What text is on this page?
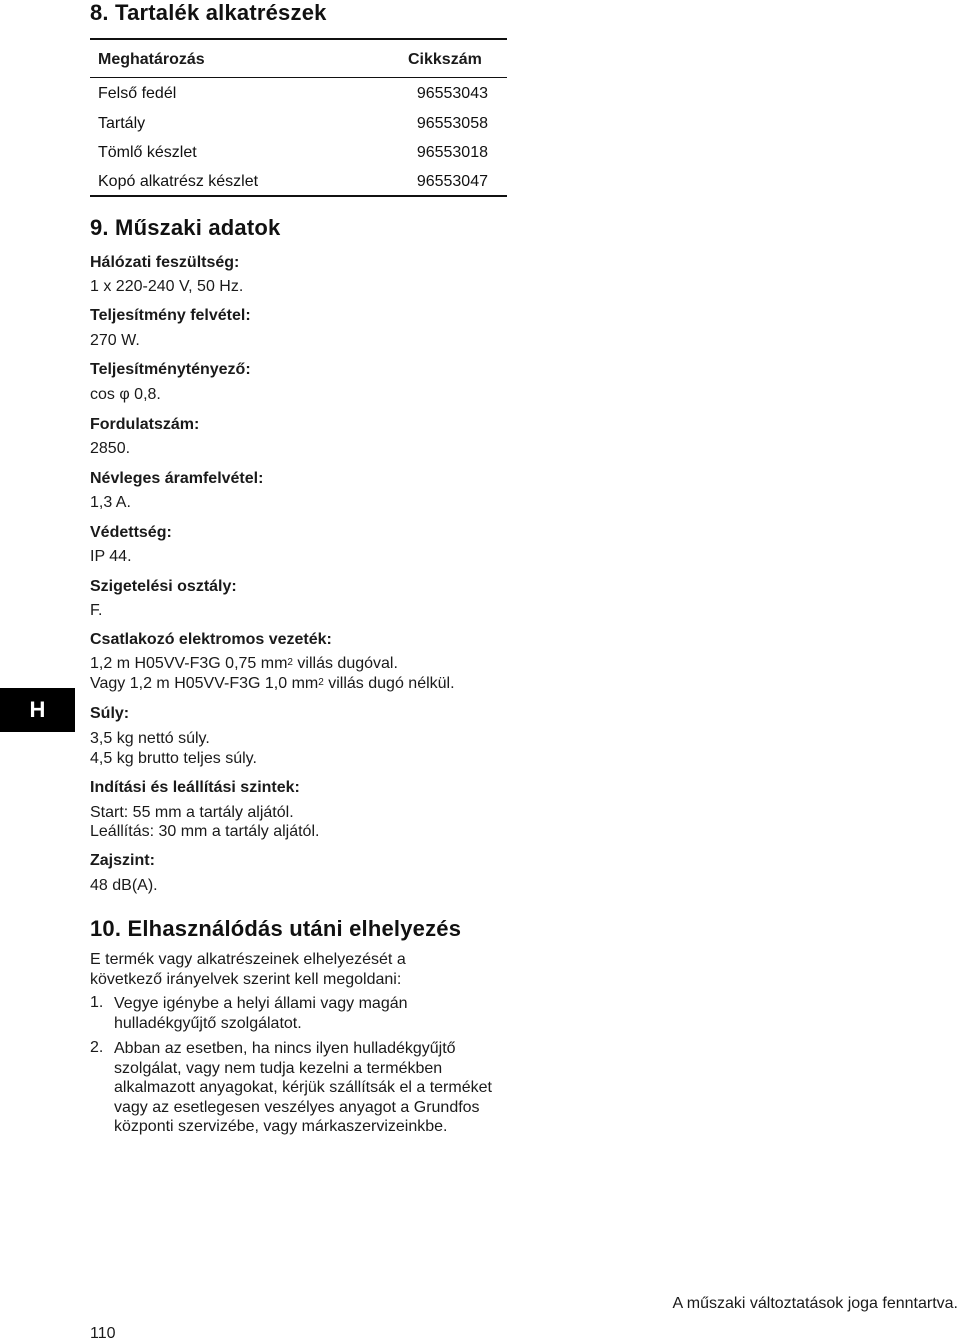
8. Tartalék alkatrészek
Meghatározás	Cikkszám
Felső fedél	96553043
Tartály	96553058
Tömlő készlet	96553018
Kopó alkatrész készlet	96553047
9. Műszaki adatok
Hálózati feszültség:
1 x 220-240 V, 50 Hz.
Teljesítmény felvétel:
270 W.
Teljesítménytényező:
cos φ 0,8.
Fordulatszám:
2850.
Névleges áramfelvétel:
1,3 A.
Védettség:
IP 44.
Szigetelési osztály:
F.
Csatlakozó elektromos vezeték:
1,2 m H05VV-F3G 0,75 $mm^2$ villás dugóval.
Vagy 1,2 m H05VV-F3G 1,0 $mm^2$ villás dugó nélkül.
Súly:
3,5 kg nettó súly.
4,5 kg brutto teljes súly.
Indítási és leállítási szintek:
Start: 55 mm a tartály aljától.
Leállítás: 30 mm a tartály aljától.
Zajszint:
48 dB(A).
10. Elhasználódás utáni elhelyezés
E termék vagy alkatrészeinek elhelyezését a következő irányelvek szerint kell megoldani:
1. Vegye igénybe a helyi állami vagy magán hulladékgyűjtő szolgálatot.
2. Abban az esetben, ha nincs ilyen hulladékgyűjtő szolgálat, vagy nem tudja kezelni a termékben alkalmazott anyagokat, kérjük szállítsák el a terméket vagy az esetlegesen veszélyes anyagot a Grundfos központi szervizébe, vagy márkaszervizeinkbe.
H
110
A műszaki változtatások joga fenntartva.
